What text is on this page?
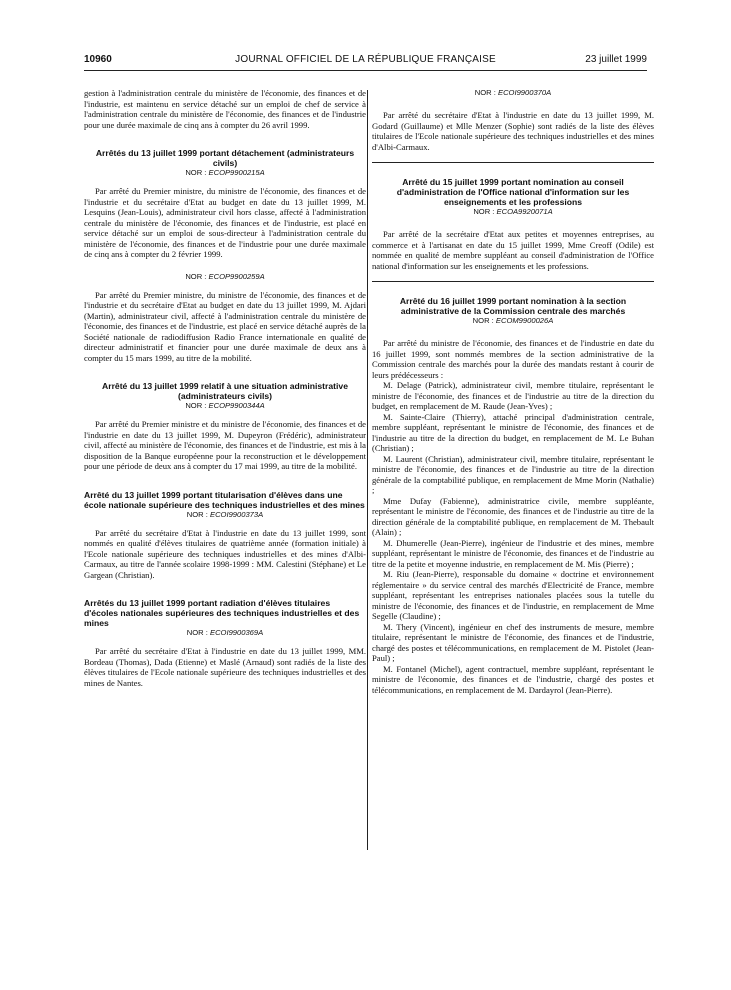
10960	JOURNAL OFFICIEL DE LA RÉPUBLIQUE FRANÇAISE	23 juillet 1999

gestion à l'administration centrale du ministère de l'économie, des finances et de l'industrie, est maintenu en service détaché sur un emploi de chef de service à l'administration centrale du ministère de l'économie, des finances et de l'industrie pour une durée maximale de cinq ans à compter du 26 avril 1999.

Arrêtés du 13 juillet 1999 portant détachement (administrateurs civils)
NOR : ECOP9900215A

Par arrêté du Premier ministre, du ministre de l'économie, des finances et de l'industrie et du secrétaire d'Etat au budget en date du 13 juillet 1999, M. Lesquins (Jean-Louis), administrateur civil hors classe, affecté à l'administration centrale du ministère de l'économie, des finances et de l'industrie, est placé en service détaché sur un emploi de sous-directeur à l'administration centrale du ministère de l'économie, des finances et de l'industrie pour une durée maximale de cinq ans à compter du 2 février 1999.

NOR : ECOP9900259A

Par arrêté du Premier ministre, du ministre de l'économie, des finances et de l'industrie et du secrétaire d'Etat au budget en date du 13 juillet 1999, M. Ajdari (Martin), administrateur civil, affecté à l'administration centrale du ministère de l'économie, des finances et de l'industrie, est placé en service détaché auprès de la Société nationale de radiodiffusion Radio France internationale en qualité de directeur administratif et financier pour une durée maximale de deux ans à compter du 15 mars 1999, au titre de la mobilité.

Arrêté du 13 juillet 1999 relatif à une situation administrative (administrateurs civils)
NOR : ECOP9900344A

Par arrêté du Premier ministre et du ministre de l'économie, des finances et de l'industrie en date du 13 juillet 1999, M. Dupeyron (Frédéric), administrateur civil, affecté au ministère de l'économie, des finances et de l'industrie, est mis à la disposition de la Banque européenne pour la reconstruction et le développement pour une période de deux ans à compter du 17 mai 1999, au titre de la mobilité.

Arrêté du 13 juillet 1999 portant titularisation d'élèves dans une école nationale supérieure des techniques industrielles et des mines
NOR : ECOI9900373A

Par arrêté du secrétaire d'Etat à l'industrie en date du 13 juillet 1999, sont nommés en qualité d'élèves titulaires de quatrième année (formation initiale) à l'Ecole nationale supérieure des techniques industrielles et des mines d'Albi-Carmaux, au titre de l'année scolaire 1998-1999 : MM. Calestini (Stéphane) et Le Gargean (Christian).

Arrêtés du 13 juillet 1999 portant radiation d'élèves titulaires d'écoles nationales supérieures des techniques industrielles et des mines
NOR : ECOI9900369A

Par arrêté du secrétaire d'Etat à l'industrie en date du 13 juillet 1999, MM. Bordeau (Thomas), Dada (Etienne) et Maslé (Arnaud) sont radiés de la liste des élèves titulaires de l'Ecole nationale supérieure des techniques industrielles et des mines de Nantes.

NOR : ECOI9900370A

Par arrêté du secrétaire d'Etat à l'industrie en date du 13 juillet 1999, M. Godard (Guillaume) et Mlle Menzer (Sophie) sont radiés de la liste des élèves titulaires de l'Ecole nationale supérieure des techniques industrielles et des mines d'Albi-Carmaux.

Arrêté du 15 juillet 1999 portant nomination au conseil d'administration de l'Office national d'information sur les enseignements et les professions
NOR : ECOA9920071A

Par arrêté de la secrétaire d'Etat aux petites et moyennes entreprises, au commerce et à l'artisanat en date du 15 juillet 1999, Mme Creoff (Odile) est nommée en qualité de membre suppléant au conseil d'administration de l'Office national d'information sur les enseignements et les professions.

Arrêté du 16 juillet 1999 portant nomination à la section administrative de la Commission centrale des marchés
NOR : ECOM9900026A

Par arrêté du ministre de l'économie, des finances et de l'industrie en date du 16 juillet 1999, sont nommés membres de la section administrative de la Commission centrale des marchés pour la durée des mandats restant à courir de leurs prédécesseurs :

M. Delage (Patrick), administrateur civil, membre titulaire, représentant le ministre de l'économie, des finances et de l'industrie au titre de la direction du budget, en remplacement de M. Raude (Jean-Yves) ;

M. Sainte-Claire (Thierry), attaché principal d'administration centrale, membre suppléant, représentant le ministre de l'économie, des finances et de l'industrie au titre de la direction du budget, en remplacement de M. Le Buhan (Christian) ;

M. Laurent (Christian), administrateur civil, membre titulaire, représentant le ministre de l'économie, des finances et de l'industrie au titre de la direction générale de la comptabilité publique, en remplacement de Mme Morin (Nathalie) ;

Mme Dufay (Fabienne), administratrice civile, membre suppléante, représentant le ministre de l'économie, des finances et de l'industrie au titre de la direction générale de la comptabilité publique, en remplacement de M. Thebault (Alain) ;

M. Dhumerelle (Jean-Pierre), ingénieur de l'industrie et des mines, membre suppléant, représentant le ministre de l'économie, des finances et de l'industrie au titre de la petite et moyenne industrie, en remplacement de M. Mis (Pierre) ;

M. Riu (Jean-Pierre), responsable du domaine « doctrine et environnement réglementaire » du service central des marchés d'Electricité de France, membre suppléant, représentant les entreprises nationales placées sous la tutelle du ministre de l'économie, des finances et de l'industrie, en remplacement de Mme Segelle (Claudine) ;

M. Thery (Vincent), ingénieur en chef des instruments de mesure, membre titulaire, représentant le ministre de l'économie, des finances et de l'industrie, chargé des postes et télécommunications, en remplacement de M. Pistolet (Jean-Paul) ;

M. Fontanel (Michel), agent contractuel, membre suppléant, représentant le ministre de l'économie, des finances et de l'industrie, chargé des postes et télécommunications, en remplacement de M. Dardayrol (Jean-Pierre).
